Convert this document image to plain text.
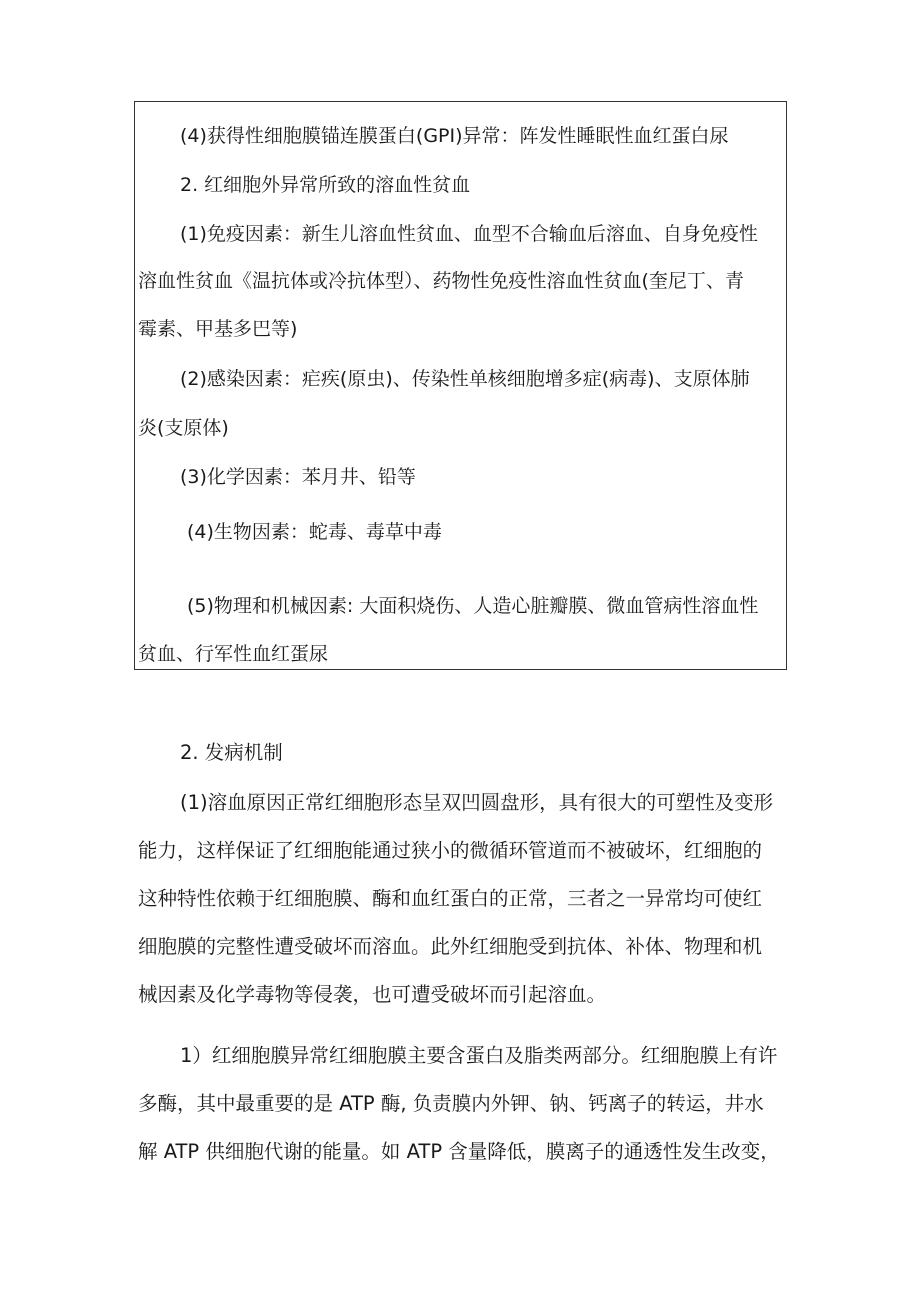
(4)获得性细胞膜锚连膜蛋白(GPI)异常：阵发性睡眠性血红蛋白尿
2. 红细胞外异常所致的溶血性贫血
(1)免疫因素：新生儿溶血性贫血、血型不合输血后溶血、自身免疫性
溶血性贫血《温抗体或冷抗体型）、药物性免疫性溶血性贫血(奎尼丁、青
霉素、甲基多巴等)
(2)感染因素：疟疾(原虫)、传染性单核细胞增多症(病毒)、支原体肺
炎(支原体)
(3)化学因素：苯月井、铅等
(4)生物因素：蛇毒、毒草中毒
(5)物理和机械因素: 大面积烧伤、人造心脏瓣膜、微血管病性溶血性
贫血、行军性血红蛋尿
2. 发病机制
(1)溶血原因正常红细胞形态呈双凹圆盘形，具有很大的可塑性及变形
能力，这样保证了红细胞能通过狭小的微循环管道而不被破坏，红细胞的
这种特性依赖于红细胞膜、酶和血红蛋白的正常，三者之一异常均可使红
细胞膜的完整性遭受破坏而溶血。此外红细胞受到抗体、补体、物理和机
械因素及化学毒物等侵袭，也可遭受破坏而引起溶血。
1）红细胞膜异常红细胞膜主要含蛋白及脂类两部分。红细胞膜上有许
多酶，其中最重要的是 ATP 酶, 负责膜内外钾、钠、钙离子的转运，井水
解 ATP 供细胞代谢的能量。如 ATP 含量降低，膜离子的通透性发生改变，
